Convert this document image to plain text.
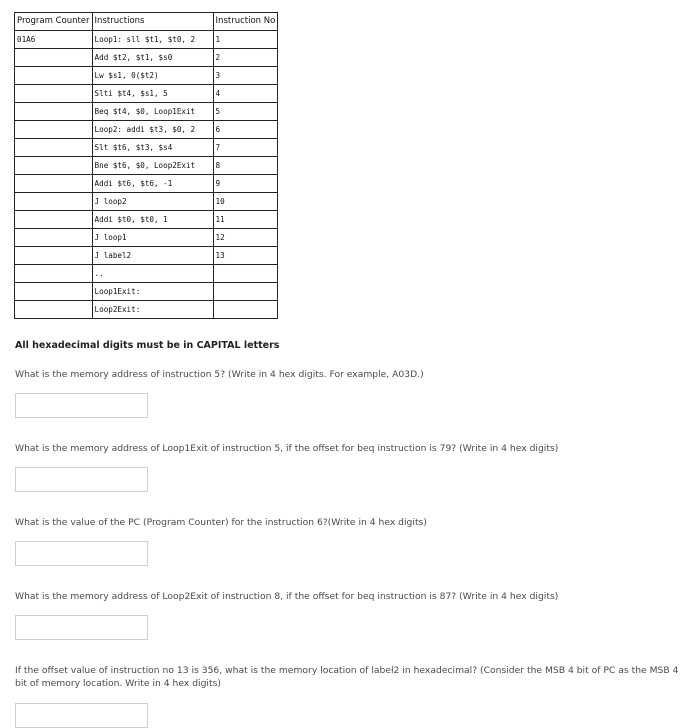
Program Counter	Instructions	Instruction No
01A6	Loop1: sll $t1, $t0, 2	1
	Add $t2, $t1, $s0	2
	Lw $s1, 0($t2)	3
	Slti $t4, $s1, 5	4
	Beq $t4, $0, Loop1Exit	5
	Loop2: addi $t3, $0, 2	6
	Slt $t6, $t3, $s4	7
	Bne $t6, $0, Loop2Exit	8
	Addi $t6, $t6, -1	9
	J loop2	10
	Addi $t0, $t0, 1	11
	J loop1	12
	J label2	13
	..	
	Loop1Exit:	
	Loop2Exit:	
All hexadecimal digits must be in CAPITAL letters
What is the memory address of instruction 5? (Write in 4 hex digits. For example, A03D.)
What is the memory address of Loop1Exit of instruction 5, if the offset for beq instruction is 79? (Write in 4 hex digits)
What is the value of the PC (Program Counter) for the instruction 6?(Write in 4 hex digits)
What is the memory address of Loop2Exit of instruction 8, if the offset for beq instruction is 87? (Write in 4 hex digits)
If the offset value of instruction no 13 is 356, what is the memory location of label2 in hexadecimal? (Consider the MSB 4 bit of PC as the MSB 4 bit of memory location. Write in 4 hex digits)
